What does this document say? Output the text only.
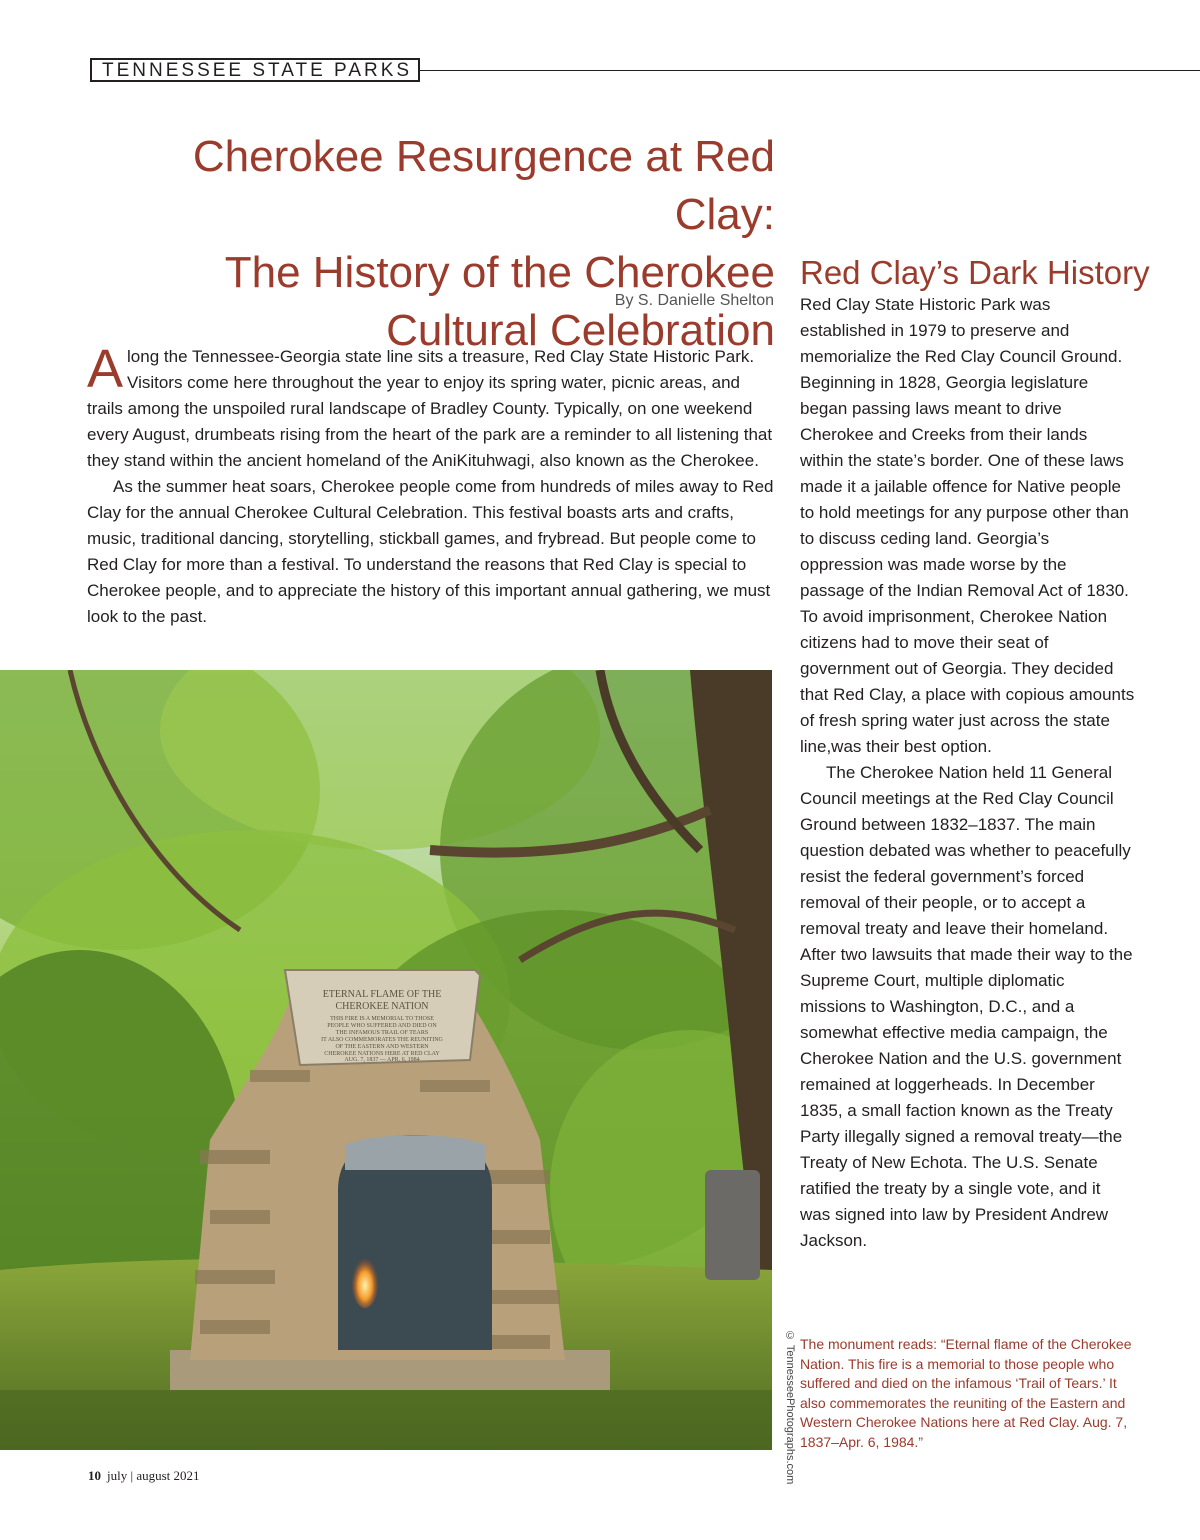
TENNESSEE STATE PARKS
Cherokee Resurgence at Red Clay:
The History of the Cherokee
Cultural Celebration
By S. Danielle Shelton

Along the Tennessee-Georgia state line sits a treasure, Red Clay State Historic Park. Visitors come here throughout the year to enjoy its spring water, picnic areas, and trails among the unspoiled rural landscape of Bradley County. Typically, on one weekend every August, drumbeats rising from the heart of the park are a reminder to all listening that they stand within the ancient homeland of the AniKituhwagi, also known as the Cherokee.

As the summer heat soars, Cherokee people come from hundreds of miles away to Red Clay for the annual Cherokee Cultural Celebration. This festival boasts arts and crafts, music, traditional dancing, storytelling, stickball games, and frybread. But people come to Red Clay for more than a festival. To understand the reasons that Red Clay is special to Cherokee people, and to appreciate the history of this important annual gathering, we must look to the past.

ETERNAL FLAME OF THE
CHEROKEE NATION
THIS FIRE IS A MEMORIAL TO THOSE
PEOPLE WHO SUFFERED AND DIED ON
THE INFAMOUS TRAIL OF TEARS
IT ALSO COMMEMORATES THE REUNITING
OF THE EASTERN AND WESTERN
CHEROKEE NATIONS HERE AT RED CLAY
AUG. 7, 1837 — APR. 6, 1984
© TennesseePhotographs.com
Red Clay’s Dark History

Red Clay State Historic Park was established in 1979 to preserve and memorialize the Red Clay Council Ground. Beginning in 1828, Georgia legislature began passing laws meant to drive Cherokee and Creeks from their lands within the state’s border. One of these laws made it a jailable offence for Native people to hold meetings for any purpose other than to discuss ceding land. Georgia’s oppression was made worse by the passage of the Indian Removal Act of 1830. To avoid imprisonment, Cherokee Nation citizens had to move their seat of government out of Georgia. They decided that Red Clay, a place with copious amounts of fresh spring water just across the state line,was their best option.

The Cherokee Nation held 11 General Council meetings at the Red Clay Council Ground between 1832–1837. The main question debated was whether to peacefully resist the federal government’s forced removal of their people, or to accept a removal treaty and leave their homeland. After two lawsuits that made their way to the Supreme Court, multiple diplomatic missions to Washington, D.C., and a somewhat effective media campaign, the Cherokee Nation and the U.S. government remained at loggerheads. In December 1835, a small faction known as the Treaty Party illegally signed a removal treaty—the Treaty of New Echota. The U.S. Senate ratified the treaty by a single vote, and it was signed into law by President Andrew Jackson.

The monument reads: “Eternal flame of the Cherokee Nation. This fire is a memorial to those people who suffered and died on the infamous ‘Trail of Tears.’ It also commemorates the reuniting of the Eastern and Western Cherokee Nations here at Red Clay. Aug. 7, 1837–Apr. 6, 1984.”
10 july | august 2021
